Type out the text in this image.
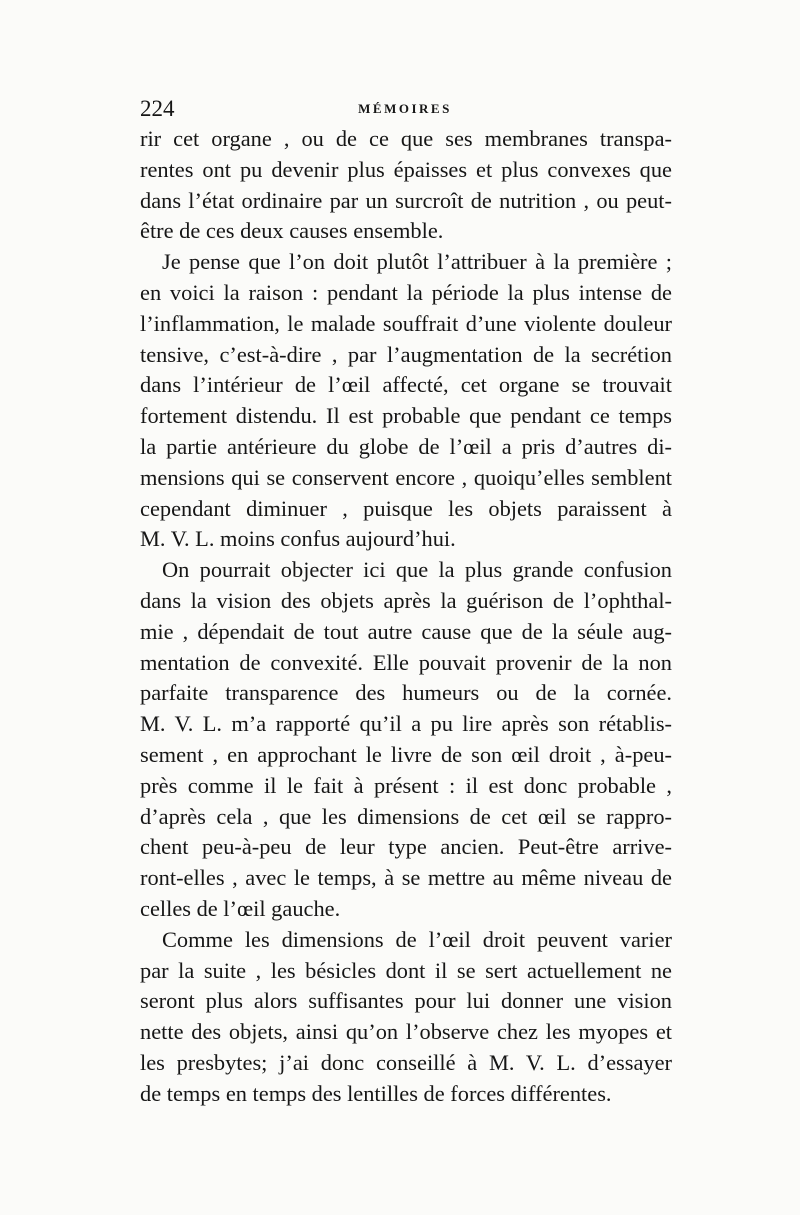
224	MÉMOIRES
rir cet organe , ou de ce que ses membranes transpa-
rentes ont pu devenir plus épaisses et plus convexes que
dans l’état ordinaire par un surcroît de nutrition , ou peut-
être de ces deux causes ensemble.
Je pense que l’on doit plutôt l’attribuer à la première ;
en voici la raison : pendant la période la plus intense de
l’inflammation, le malade souffrait d’une violente douleur
tensive, c’est-à-dire , par l’augmentation de la secrétion
dans l’intérieur de l’œil affecté, cet organe se trouvait
fortement distendu. Il est probable que pendant ce temps
la partie antérieure du globe de l’œil a pris d’autres di-
mensions qui se conservent encore , quoiqu’elles semblent
cependant diminuer , puisque les objets paraissent à
M. V. L. moins confus aujourd’hui.
On pourrait objecter ici que la plus grande confusion
dans la vision des objets après la guérison de l’ophthal-
mie , dépendait de tout autre cause que de la séule aug-
mentation de convexité. Elle pouvait provenir de la non
parfaite transparence des humeurs ou de la cornée.
M. V. L. m’a rapporté qu’il a pu lire après son rétablis-
sement , en approchant le livre de son œil droit , à-peu-
près comme il le fait à présent : il est donc probable ,
d’après cela , que les dimensions de cet œil se rappro-
chent peu-à-peu de leur type ancien. Peut-être arrive-
ront-elles , avec le temps, à se mettre au même niveau de
celles de l’œil gauche.
Comme les dimensions de l’œil droit peuvent varier
par la suite , les bésicles dont il se sert actuellement ne
seront plus alors suffisantes pour lui donner une vision
nette des objets, ainsi qu’on l’observe chez les myopes et
les presbytes; j’ai donc conseillé à M. V. L. d’essayer
de temps en temps des lentilles de forces différentes.
